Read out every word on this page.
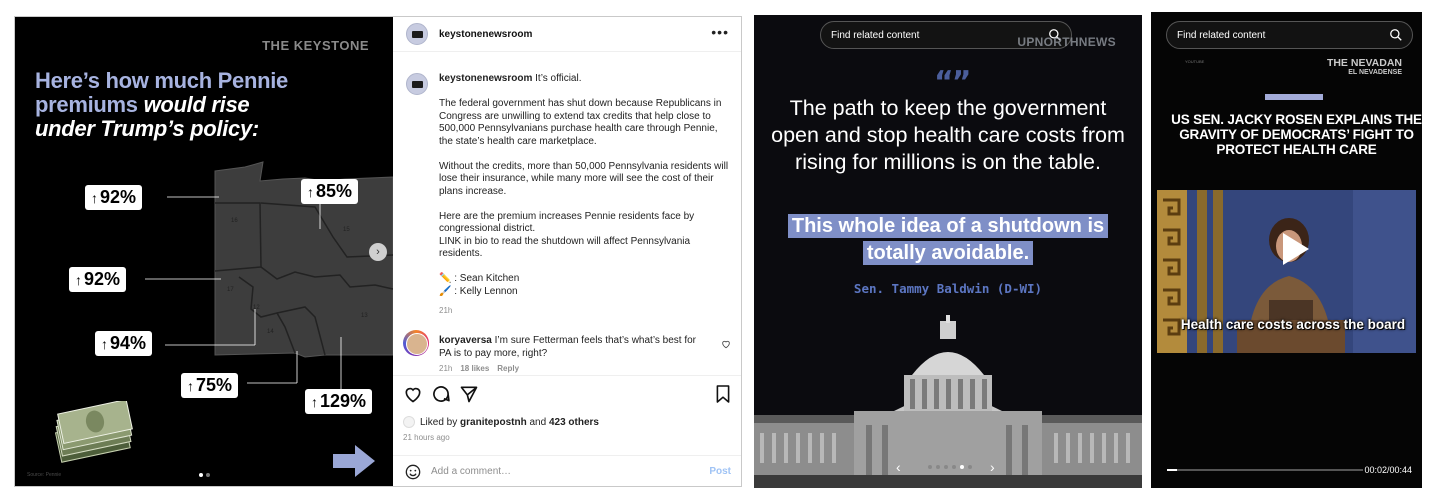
THE KEYSTONE
Here’s how much Pennie
premiums would rise
under Trump’s policy:
16
15
17
12
14
13
↑ 92%	↑ 85%
↑ 92%
↑ 94%
↑ 75%
↑ 129%
Source: Pennie
›
keystonenewsroom	•••

keystonenewsroom It’s official.

The federal government has shut down because Republicans in Congress are unwilling to extend tax credits that help close to 500,000 Pennsylvanians purchase health care through Pennie, the state’s health care marketplace.

Without the credits, more than 50,000 Pennsylvania residents will lose their insurance, while many more will see the cost of their plans increase.

Here are the premium increases Pennie residents face by congressional district.

LINK in bio to read the shutdown will affect Pennsylvania residents.

✏️ : Sean Kitchen
🖌️ : Kelly Lennon
21h
koryaversa I’m sure Fetterman feels that’s what’s best for PA is to pay more, right?
21h 18 likes Reply
Liked by granitepostnh and 423 others
21 hours ago
Add a comment…	Post
Find related content	UPNORTHNEWS
“”
The path to keep the government open and stop health care costs from rising for millions is on the table.
This whole idea of a shutdown is totally avoidable.
Sen. Tammy Baldwin (D-WI)
‹	›
Find related content
YOUTUBE	THE NEVADAN
EL NEVADENSE
US SEN. JACKY ROSEN EXPLAINS THE GRAVITY OF DEMOCRATS’ FIGHT TO PROTECT HEALTH CARE
Health care costs across the board
00:02/00:44
